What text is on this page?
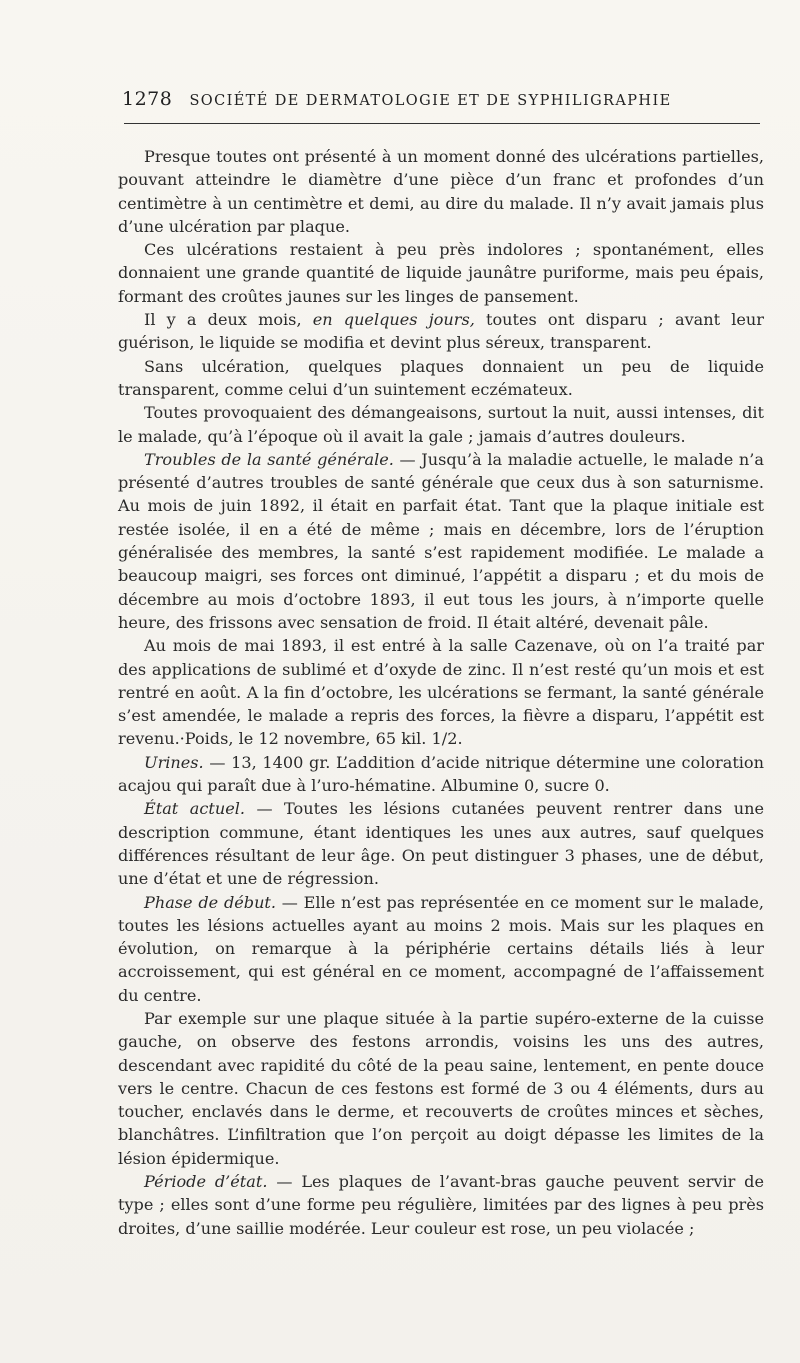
1278 SOCIÉTÉ DE DERMATOLOGIE ET DE SYPHILIGRAPHIE

Presque toutes ont présenté à un moment donné des ulcérations partielles, pouvant atteindre le diamètre d’une pièce d’un franc et profondes d’un centimètre à un centimètre et demi, au dire du malade. Il n’y avait jamais plus d’une ulcération par plaque.

Ces ulcérations restaient à peu près indolores ; spontanément, elles donnaient une grande quantité de liquide jaunâtre puriforme, mais peu épais, formant des croûtes jaunes sur les linges de pansement.

Il y a deux mois, en quelques jours, toutes ont disparu ; avant leur guérison, le liquide se modifia et devint plus séreux, transparent.

Sans ulcération, quelques plaques donnaient un peu de liquide transparent, comme celui d’un suintement eczémateux.

Toutes provoquaient des démangeaisons, surtout la nuit, aussi intenses, dit le malade, qu’à l’époque où il avait la gale ; jamais d’autres douleurs.

Troubles de la santé générale. — Jusqu’à la maladie actuelle, le malade n’a présenté d’autres troubles de santé générale que ceux dus à son saturnisme. Au mois de juin 1892, il était en parfait état. Tant que la plaque initiale est restée isolée, il en a été de même ; mais en décembre, lors de l’éruption généralisée des membres, la santé s’est rapidement modifiée. Le malade a beaucoup maigri, ses forces ont diminué, l’appétit a disparu ; et du mois de décembre au mois d’octobre 1893, il eut tous les jours, à n’importe quelle heure, des frissons avec sensation de froid. Il était altéré, devenait pâle.

Au mois de mai 1893, il est entré à la salle Cazenave, où on l’a traité par des applications de sublimé et d’oxyde de zinc. Il n’est resté qu’un mois et est rentré en août. A la fin d’octobre, les ulcérations se fermant, la santé générale s’est amendée, le malade a repris des forces, la fièvre a disparu, l’appétit est revenu.·Poids, le 12 novembre, 65 kil. 1/2.

Urines. — 13, 1400 gr. L’addition d’acide nitrique détermine une coloration acajou qui paraît due à l’uro-hématine. Albumine 0, sucre 0.

État actuel. — Toutes les lésions cutanées peuvent rentrer dans une description commune, étant identiques les unes aux autres, sauf quelques différences résultant de leur âge. On peut distinguer 3 phases, une de début, une d’état et une de régression.

Phase de début. — Elle n’est pas représentée en ce moment sur le malade, toutes les lésions actuelles ayant au moins 2 mois. Mais sur les plaques en évolution, on remarque à la périphérie certains détails liés à leur accroissement, qui est général en ce moment, accompagné de l’affaissement du centre.

Par exemple sur une plaque située à la partie supéro-externe de la cuisse gauche, on observe des festons arrondis, voisins les uns des autres, descendant avec rapidité du côté de la peau saine, lentement, en pente douce vers le centre. Chacun de ces festons est formé de 3 ou 4 éléments, durs au toucher, enclavés dans le derme, et recouverts de croûtes minces et sèches, blanchâtres. L’infiltration que l’on perçoit au doigt dépasse les limites de la lésion épidermique.

Période d’état. — Les plaques de l’avant-bras gauche peuvent servir de type ; elles sont d’une forme peu régulière, limitées par des lignes à peu près droites, d’une saillie modérée. Leur couleur est rose, un peu violacée ;
